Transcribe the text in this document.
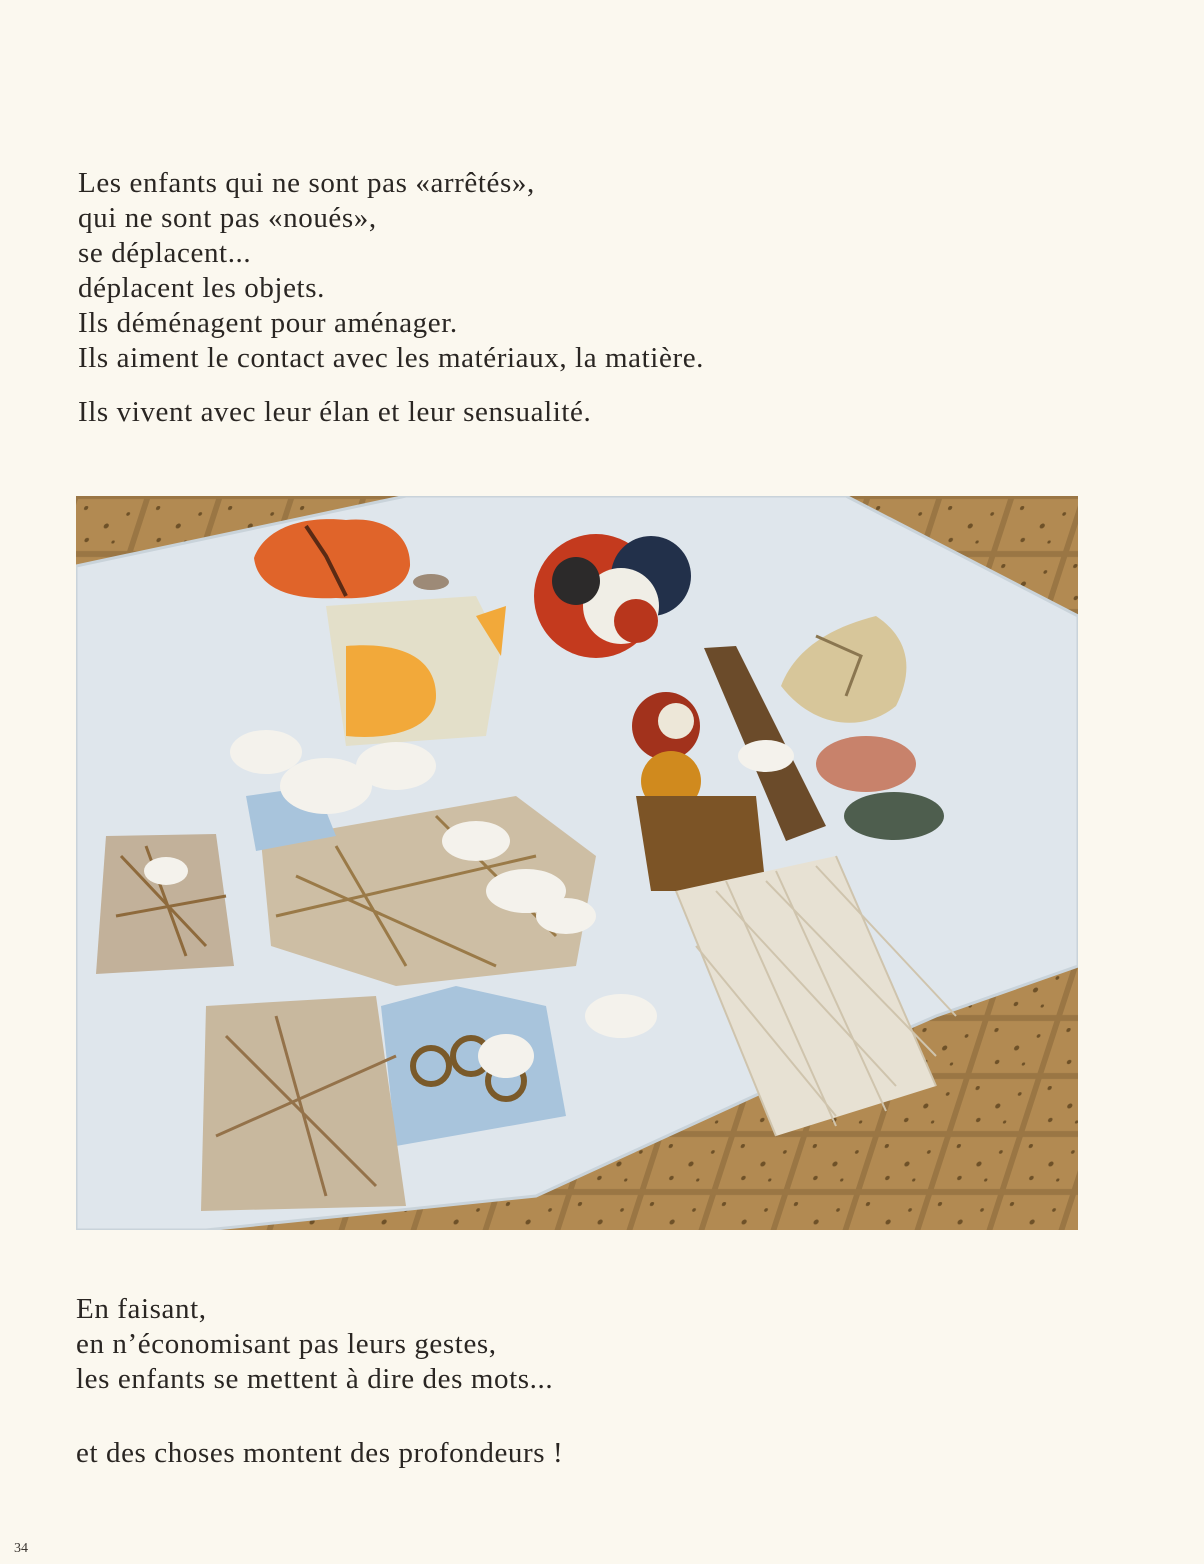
Les enfants qui ne sont pas «arrêtés»,
qui ne sont pas «noués»,
se déplacent...
déplacent les objets.
Ils déménagent pour aménager.
Ils aiment le contact avec les matériaux, la matière.
Ils vivent avec leur élan et leur sensualité.
En faisant,
en n’économisant pas leurs gestes,
les enfants se mettent à dire des mots...
et des choses montent des profondeurs !
34
